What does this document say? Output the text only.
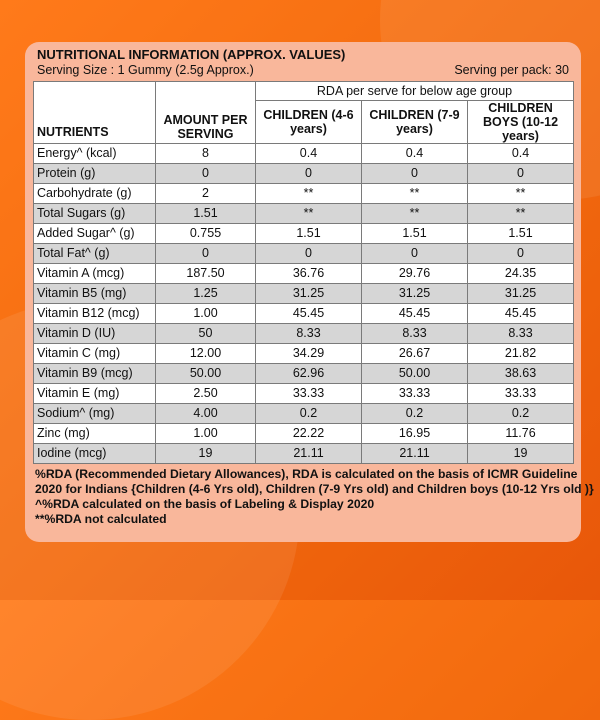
NUTRITIONAL INFORMATION (APPROX. VALUES)
Serving Size : 1 Gummy (2.5g Approx.)	Serving per pack: 30
NUTRIENTS	AMOUNT PER SERVING	RDA per serve for below age group		
		CHILDREN (4-6 years)	CHILDREN (7-9 years)	CHILDREN BOYS (10-12 years)
Energy^ (kcal)	8	0.4	0.4	0.4
Protein (g)	0	0	0	0
Carbohydrate (g)	2	**	**	**
Total Sugars (g)	1.51	**	**	**
Added Sugar^ (g)	0.755	1.51	1.51	1.51
Total Fat^ (g)	0	0	0	0
Vitamin A (mcg)	187.50	36.76	29.76	24.35
Vitamin B5 (mg)	1.25	31.25	31.25	31.25
Vitamin B12 (mcg)	1.00	45.45	45.45	45.45
Vitamin D (IU)	50	8.33	8.33	8.33
Vitamin C (mg)	12.00	34.29	26.67	21.82
Vitamin B9 (mcg)	50.00	62.96	50.00	38.63
Vitamin E (mg)	2.50	33.33	33.33	33.33
Sodium^ (mg)	4.00	0.2	0.2	0.2
Zinc (mg)	1.00	22.22	16.95	11.76
Iodine (mcg)	19	21.11	21.11	19
%RDA (Recommended Dietary Allowances), RDA is calculated on the basis of ICMR Guideline
2020 for Indians {Children (4-6 Yrs old), Children (7-9 Yrs old) and Children boys (10-12 Yrs old )}
^%RDA calculated on the basis of Labeling & Display 2020
**%RDA not calculated
